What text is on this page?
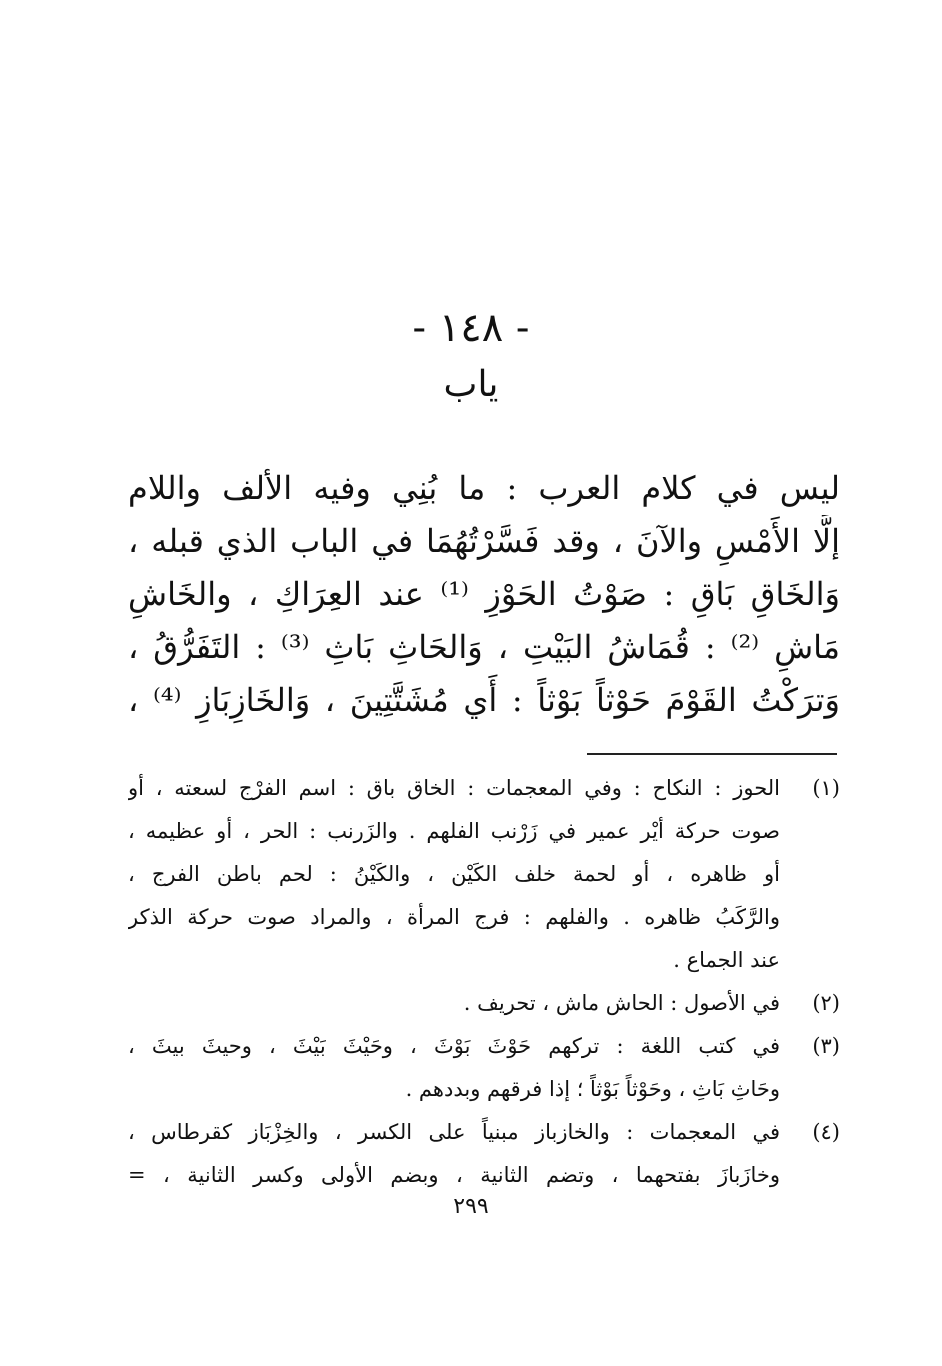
- ١٤٨ -
ياب
ليس في كلام العرب : ما بُنِي وفيه الألف واللام
إلَّا الأَمْسِ والآنَ ، وقد فَسَّرْتُهُمَا في الباب الذي قبله ،
وَالخَاقِ بَاقِ : صَوْتُ الحَوْزِ ⁽¹⁾ عند العِرَاكِ ، والخَاشِ
مَاشِ ⁽²⁾ : قُمَاشُ البَيْتِ ، وَالحَاثِ بَاثِ ⁽³⁾ : التَفَرُّقُ ،
وَترَكْتُ القَوْمَ حَوْثاً بَوْثاً : أَي مُشَتَّتِينَ ، وَالخَازِبَازِ ⁽⁴⁾ ،
(١)
الحوز : النكاح : وفي المعجمات : الخاق باق : اسم الفرْج لسعته ، أو
صوت حركة أيْر عمير في زَرْنب الفلهم . والزَرنب : الحر ، أو عظيمه ،
أو ظاهره ، أو لحمة خلف الكَيْن ، والكَيْنُ : لحم باطن الفرج ،
والرَّكَبُ ظاهره . والفلهم : فرج المرأة ، والمراد صوت حركة الذكر
عند الجماع .
(٢)
في الأصول : الحاش ماش ، تحريف .
(٣)
في كتب اللغة : تركهم حَوْثَ بَوْثَ ، وحَيْثَ بَيْثَ ، وحيثَ بيثَ ،
وحَاثِ بَاثِ ، وحَوْثاً بَوْثاً ؛ إذا فرقهم وبددهم .
(٤)
في المعجمات : والخازباز مبنياً على الكسر ، والخِزْبَاز كقرطاس ،
وخازَبازَ بفتحهما ، وتضم الثانية ، وبضم الأولى وكسر الثانية ، =
٢٩٩
